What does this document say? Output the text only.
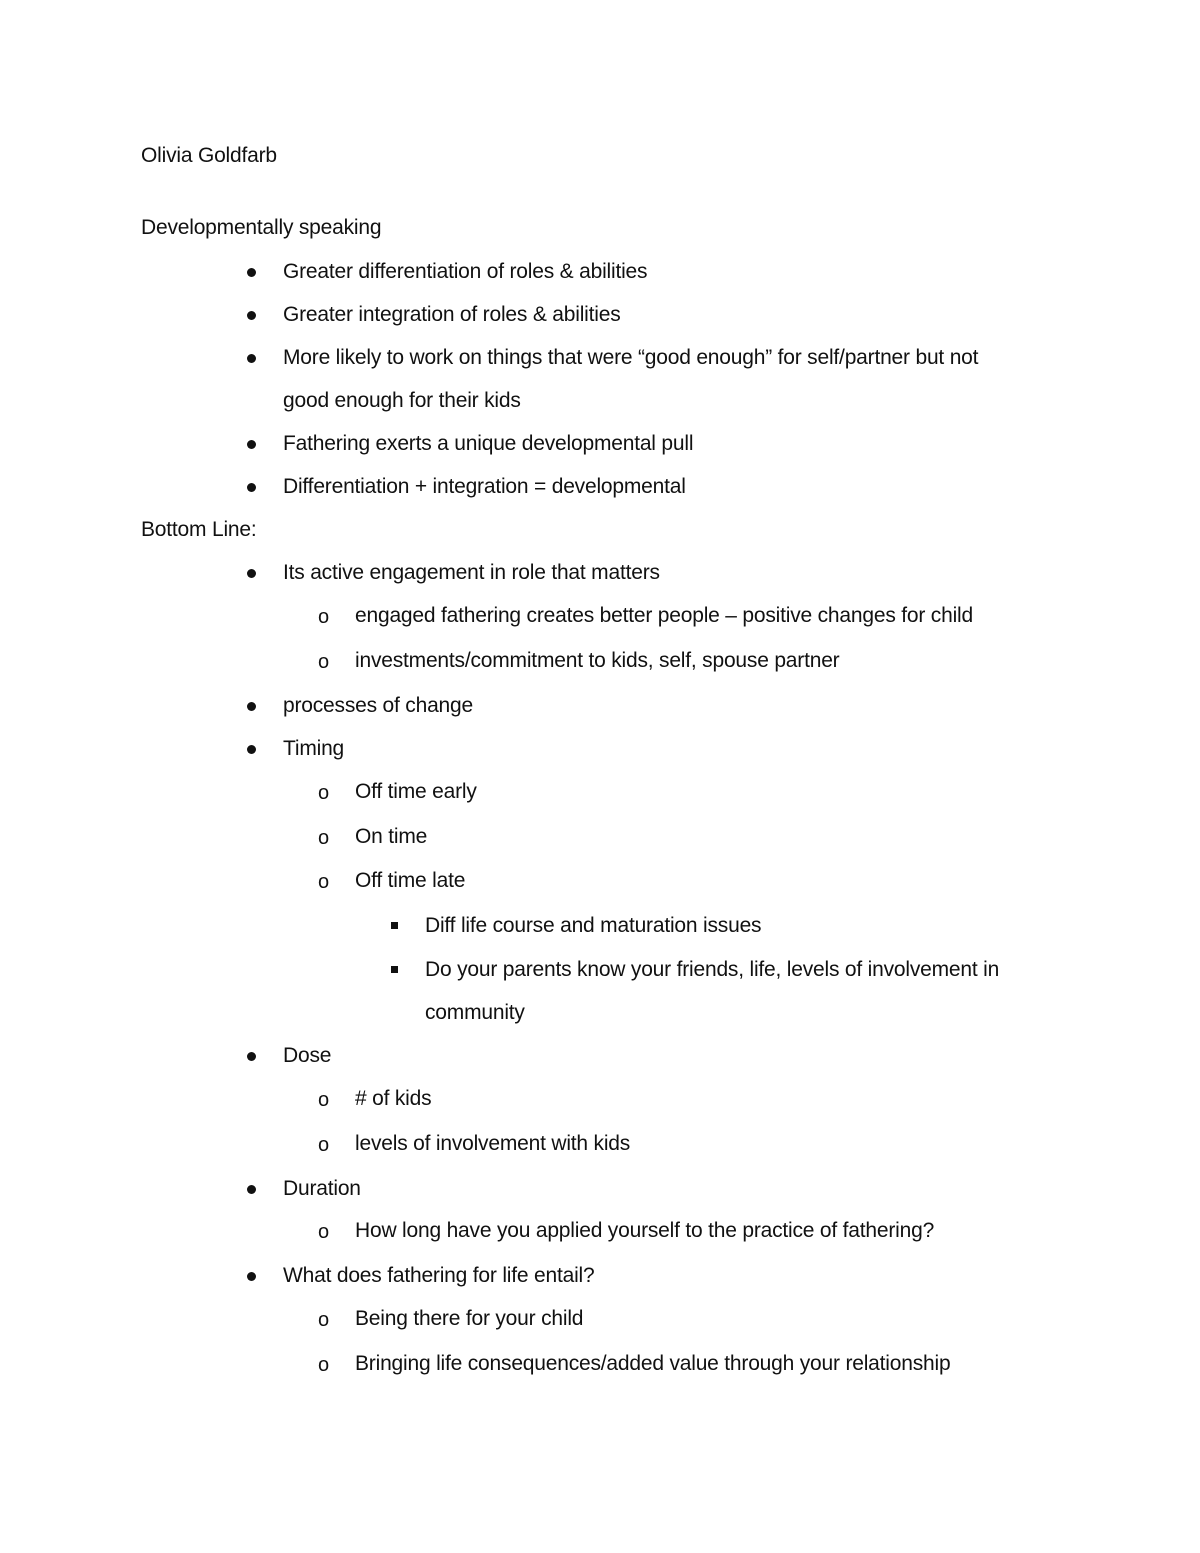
Olivia Goldfarb
Developmentally speaking
Greater differentiation of roles & abilities
Greater integration of roles & abilities
More likely to work on things that were “good enough” for self/partner but not
good enough for their kids
Fathering exerts a unique developmental pull
Differentiation + integration = developmental
Bottom Line:
Its active engagement in role that matters
o engaged fathering creates better people – positive changes for child
o investments/commitment to kids, self, spouse partner
processes of change
Timing
o Off time early
o On time
o Off time late
Diff life course and maturation issues
Do your parents know your friends, life, levels of involvement in
community
Dose
o # of kids
o levels of involvement with kids
Duration
o How long have you applied yourself to the practice of fathering?
What does fathering for life entail?
o Being there for your child
o Bringing life consequences/added value through your relationship
